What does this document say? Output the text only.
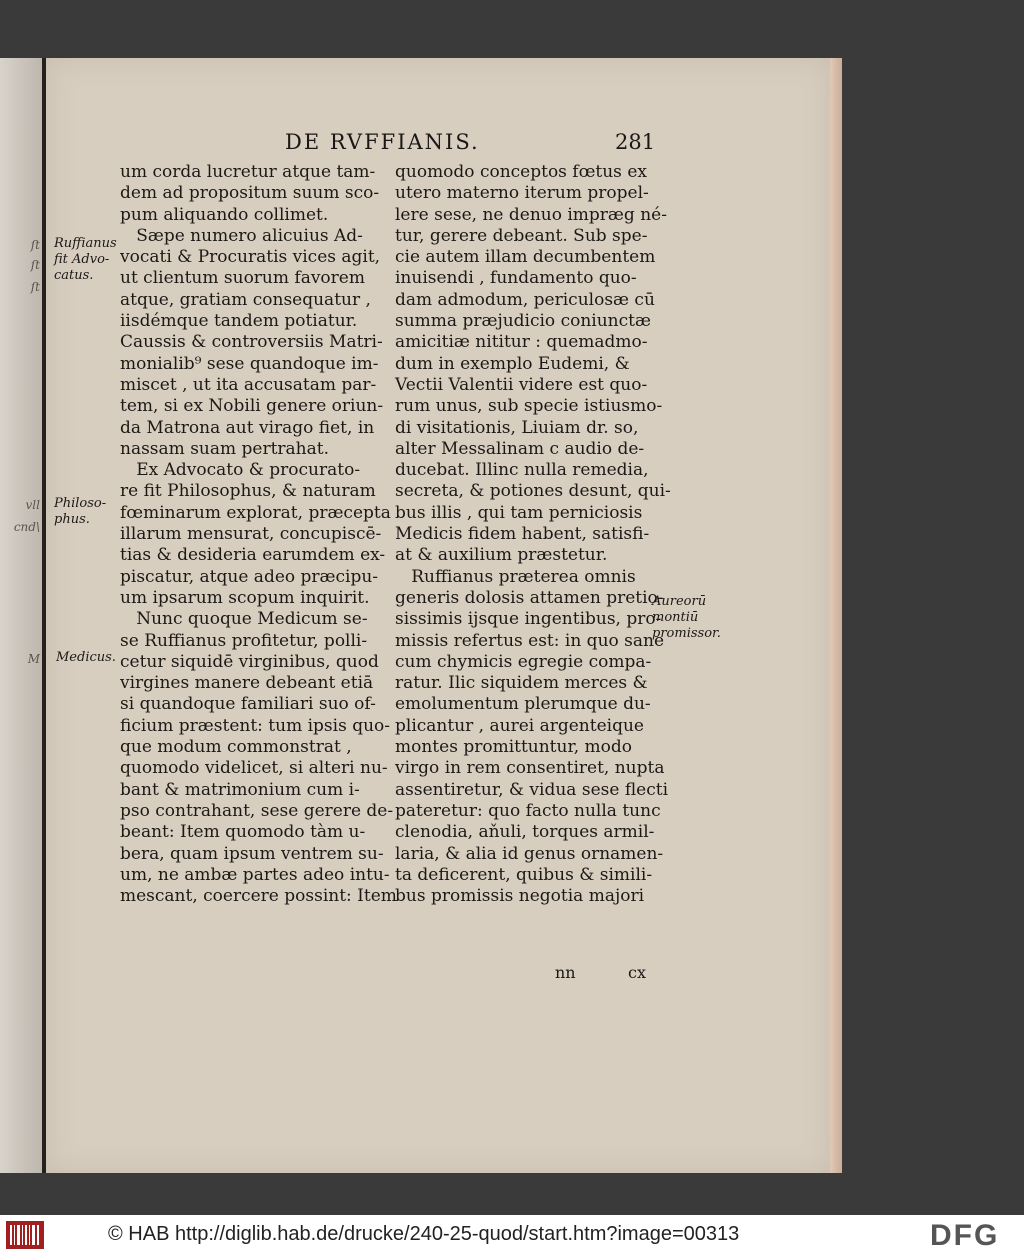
ſt
ſt
ſt
vll
cnd\
M
DE RVFFIANIS.	281
Ruffianus
fit Advo-
catus.
Philoso-
phus.
Medicus.
Aureorū
montiū
promissor.
um corda lucretur atque tam-
dem ad propositum suum sco-
pum aliquando collimet.
Sæpe numero alicuius Ad-
vocati & Procuratis vices agit,
ut clientum suorum favorem
atque, gratiam consequatur ,
iisdémque tandem potiatur.
Caussis & controversiis Matri-
monialib⁹ sese quandoque im-
miscet , ut ita accusatam par-
tem, si ex Nobili genere oriun-
da Matrona aut virago fiet, in
nassam suam pertrahat.
Ex Advocato & procurato-
re fit Philosophus, & naturam
fœminarum explorat, præcepta
illarum mensurat, concupiscē-
tias & desideria earumdem ex-
piscatur, atque adeo præcipu-
um ipsarum scopum inquirit.
Nunc quoque Medicum se-
se Ruffianus profitetur, polli-
cetur siquidē virginibus, quod
virgines manere debeant etiā
si quandoque familiari suo of-
ficium præstent: tum ipsis quo-
que modum commonstrat ,
quomodo videlicet, si alteri nu-
bant & matrimonium cum i-
pso contrahant, sese gerere de-
beant: Item quomodo tàm u-
bera, quam ipsum ventrem su-
um, ne ambæ partes adeo intu-
mescant, coercere possint: Item
quomodo conceptos fœtus ex
utero materno iterum propel-
lere sese, ne denuo impræg né-
tur, gerere debeant. Sub spe-
cie autem illam decumbentem
inuisendi , fundamento quo-
dam admodum, periculosæ cū
summa præjudicio coniunctæ
amicitiæ nititur : quemadmo-
dum in exemplo Eudemi, &
Vectii Valentii videre est quo-
rum unus, sub specie istiusmo-
di visitationis, Liuiam dr. so,
alter Messalinam c audio de-
ducebat. Illinc nulla remedia,
secreta, & potiones desunt, qui-
bus illis , qui tam perniciosis
Medicis fidem habent, satisfi-
at & auxilium præstetur.
Ruffianus præterea omnis
generis dolosis attamen pretio-
sissimis ijsque ingentibus, pro-
missis refertus est: in quo sane
cum chymicis egregie compa-
ratur. Ilic siquidem merces &
emolumentum plerumque du-
plicantur , aurei argenteique
montes promittuntur, modo
virgo in rem consentiret, nupta
assentiretur, & vidua sese flecti
pateretur: quo facto nulla tunc
clenodia, aňuli, torques armil-
laria, & alia id genus ornamen-
ta deficerent, quibus & simili-
bus promissis negotia majori
nn	cx
© HAB http://diglib.hab.de/drucke/240-25-quod/start.htm?image=00313	DFG
